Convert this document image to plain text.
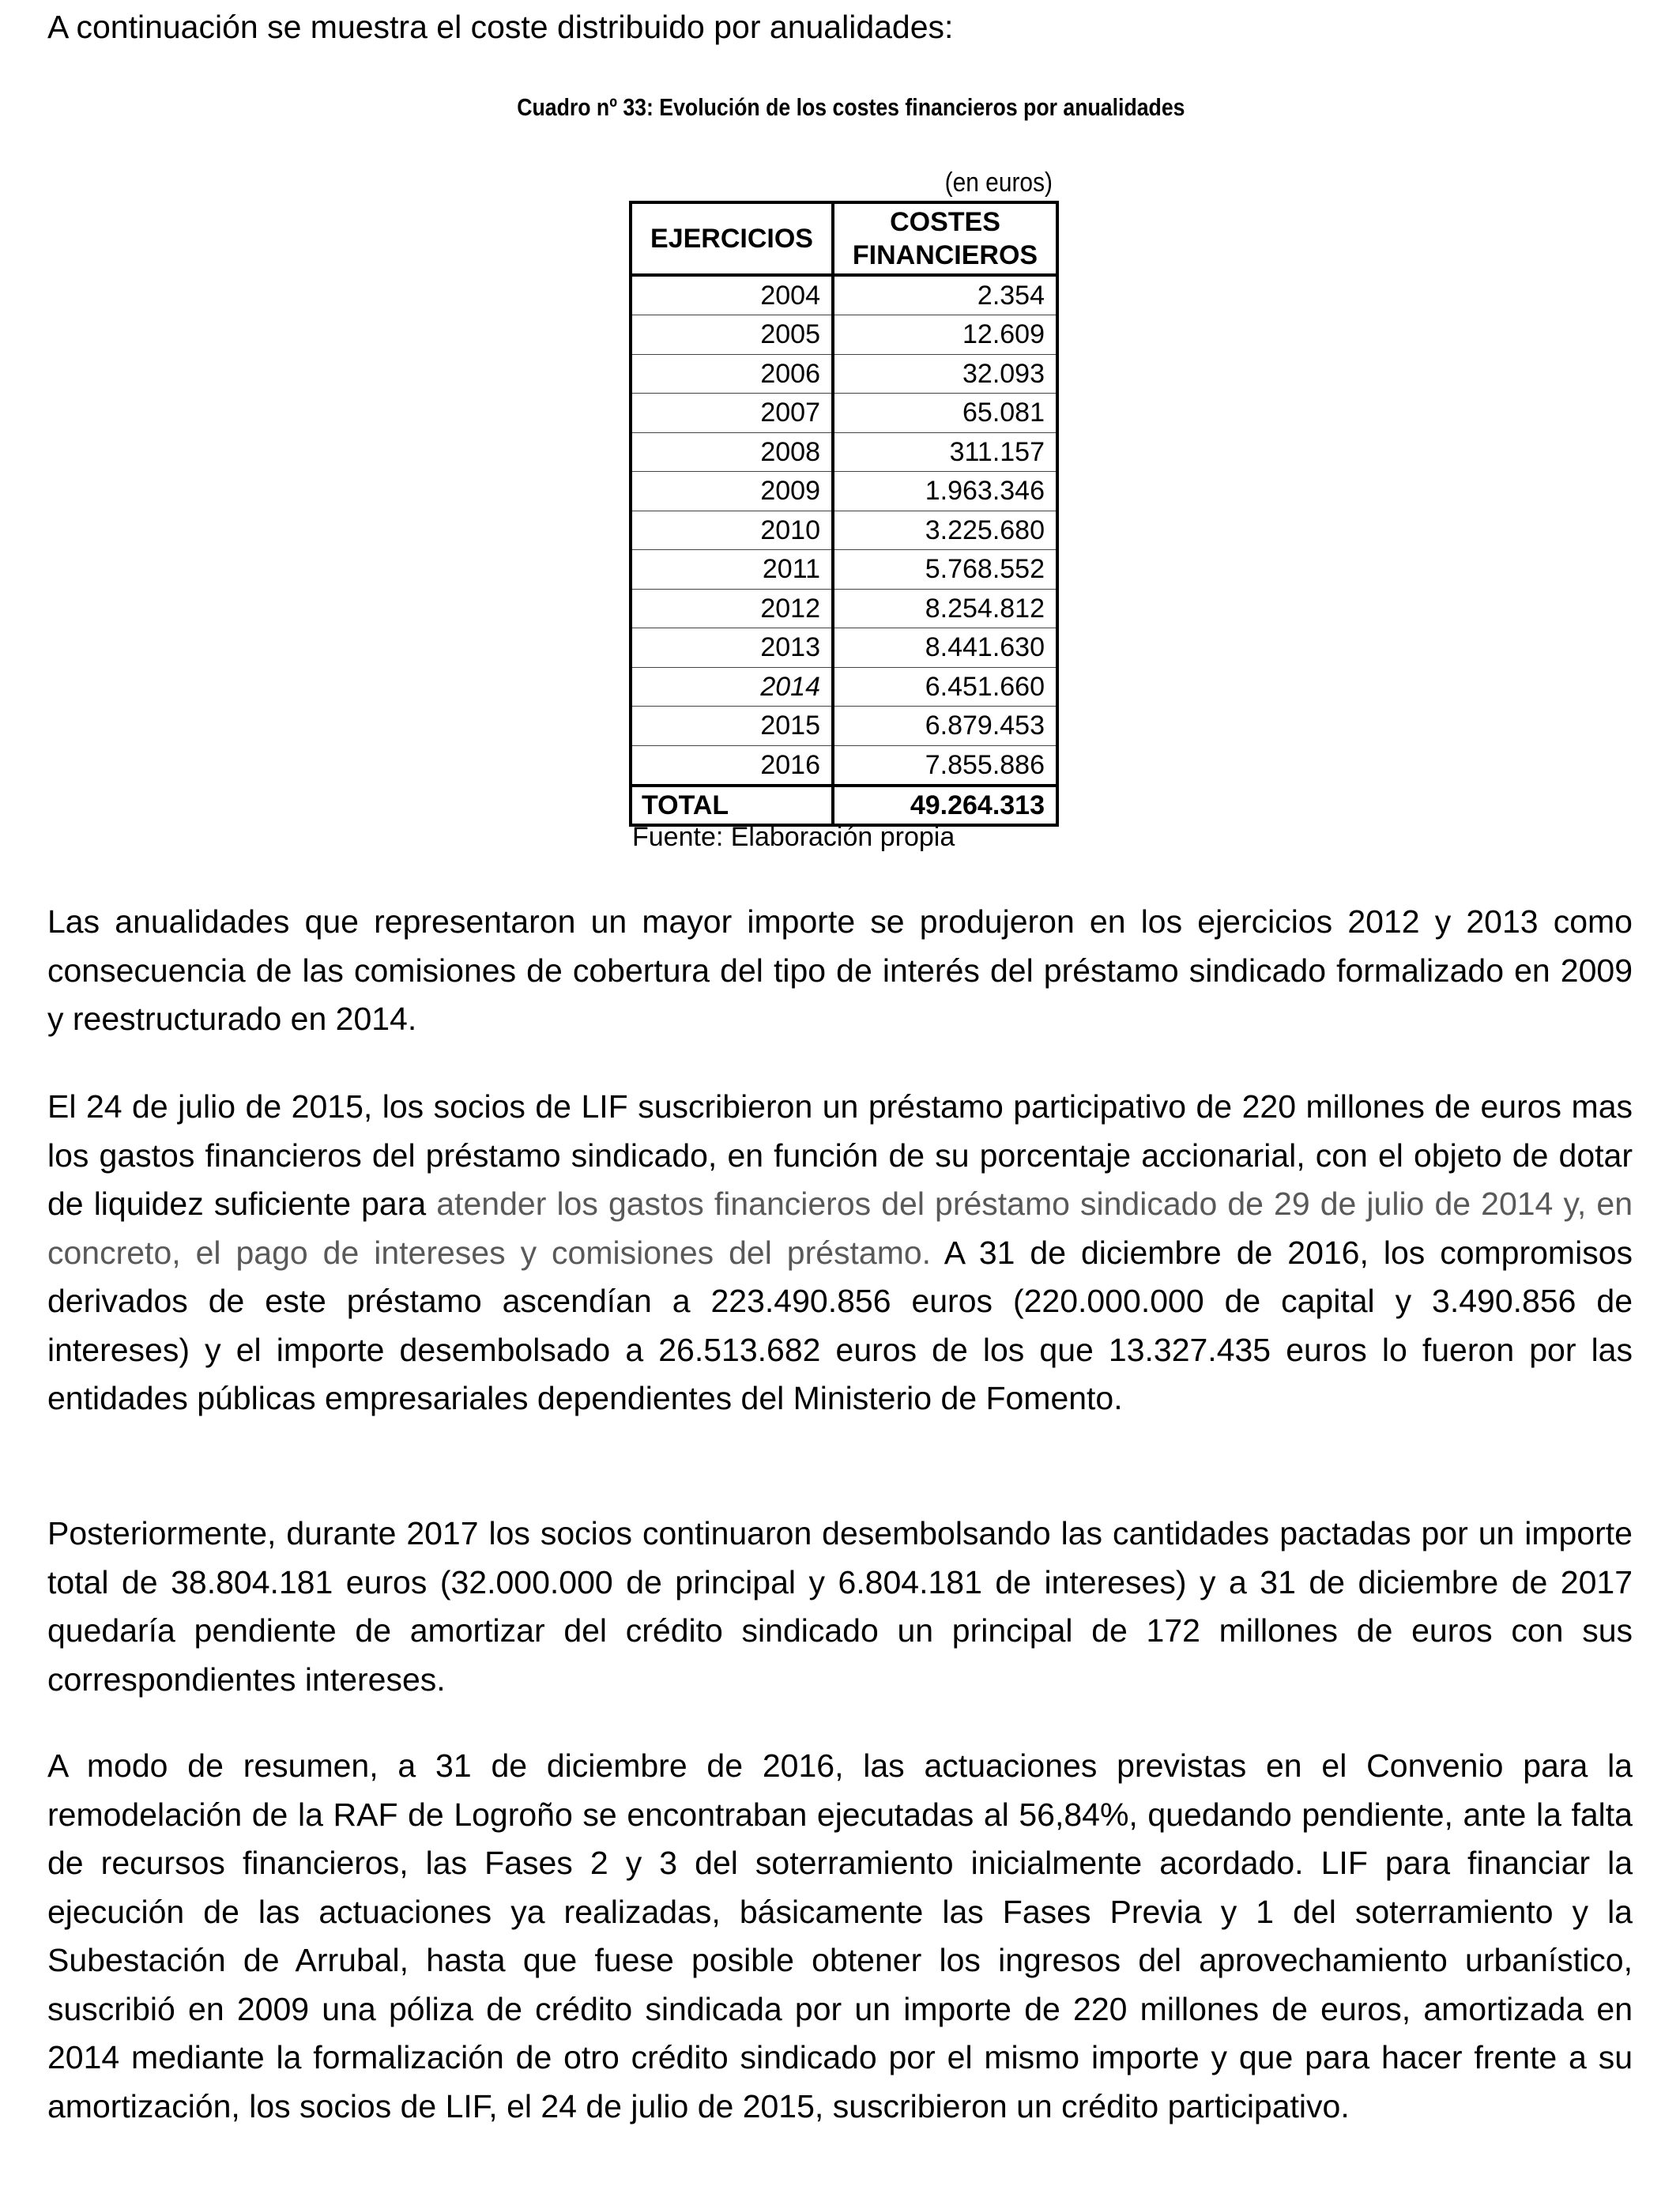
A continuación se muestra el coste distribuido por anualidades:
Cuadro nº 33: Evolución de los costes financieros por anualidades
(en euros)
EJERCICIOS	COSTES FINANCIEROS

2004	2.354
2005	12.609
2006	32.093
2007	65.081
2008	311.157
2009	1.963.346
2010	3.225.680
2011	5.768.552
2012	8.254.812
2013	8.441.630
2014	6.451.660
2015	6.879.453
2016	7.855.886
TOTAL	49.264.313
Fuente: Elaboración propia

Las anualidades que representaron un mayor importe se produjeron en los ejercicios 2012 y 2013 como consecuencia de las comisiones de cobertura del tipo de interés del préstamo sindicado formalizado en 2009 y reestructurado en 2014.

El 24 de julio de 2015, los socios de LIF suscribieron un préstamo participativo de 220 millones de euros mas los gastos financieros del préstamo sindicado, en función de su porcentaje accionarial, con el objeto de dotar de liquidez suficiente para atender los gastos financieros del préstamo sindicado de 29 de julio de 2014 y, en concreto, el pago de intereses y comisiones del préstamo. A 31 de diciembre de 2016, los compromisos derivados de este préstamo ascendían a 223.490.856 euros (220.000.000 de capital y 3.490.856 de intereses) y el importe desembolsado a 26.513.682 euros de los que 13.327.435 euros lo fueron por las entidades públicas empresariales dependientes del Ministerio de Fomento.

Posteriormente, durante 2017 los socios continuaron desembolsando las cantidades pactadas por un importe total de 38.804.181 euros (32.000.000 de principal y 6.804.181 de intereses) y a 31 de diciembre de 2017 quedaría pendiente de amortizar del crédito sindicado un principal de 172 millones de euros con sus correspondientes intereses.

A modo de resumen, a 31 de diciembre de 2016, las actuaciones previstas en el Convenio para la remodelación de la RAF de Logroño se encontraban ejecutadas al 56,84%, quedando pendiente, ante la falta de recursos financieros, las Fases 2 y 3 del soterramiento inicialmente acordado. LIF para financiar la ejecución de las actuaciones ya realizadas, básicamente las Fases Previa y 1 del soterramiento y la Subestación de Arrubal, hasta que fuese posible obtener los ingresos del aprovechamiento urbanístico, suscribió en 2009 una póliza de crédito sindicada por un importe de 220 millones de euros, amortizada en 2014 mediante la formalización de otro crédito sindicado por el mismo importe y que para hacer frente a su amortización, los socios de LIF, el 24 de julio de 2015, suscribieron un crédito participativo.
